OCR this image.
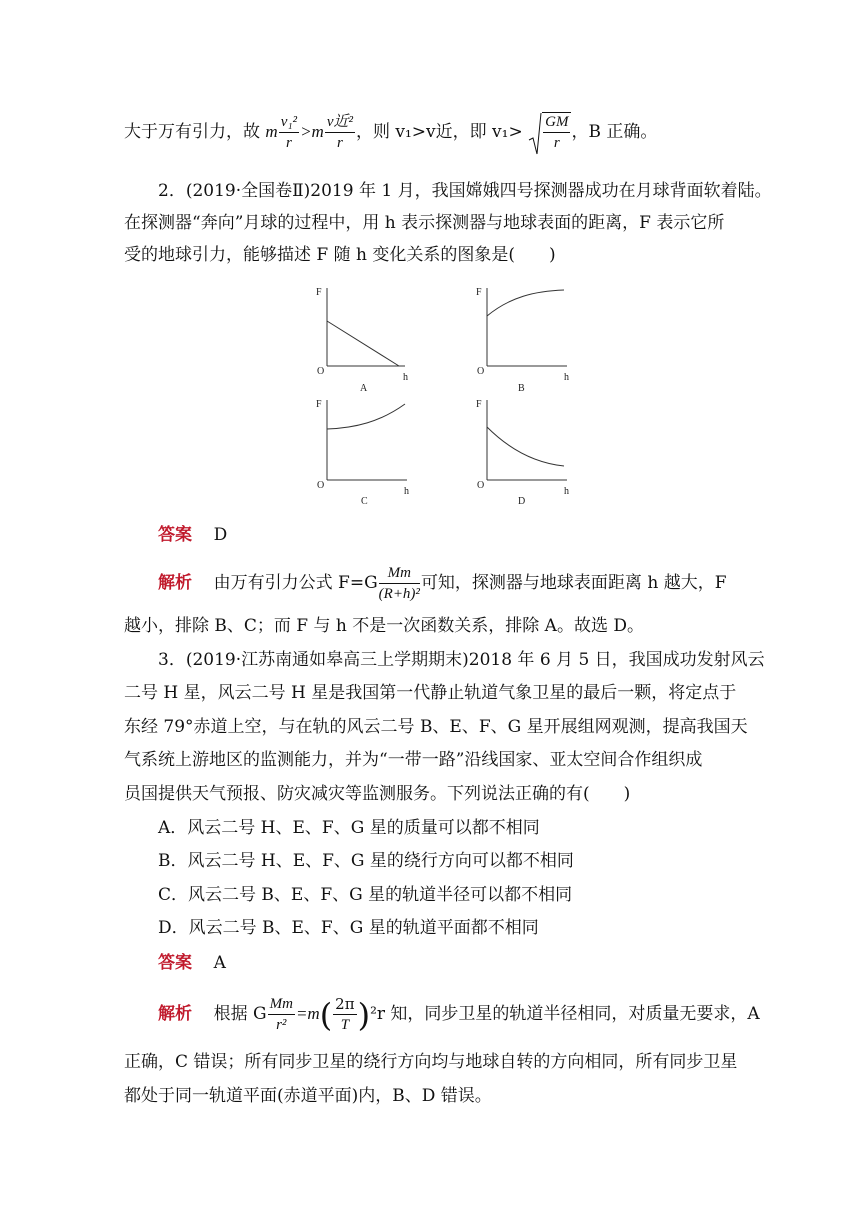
大于万有引力，故 m $\frac{\text{v₁²}}{r} >m \frac{\text{v近²}}{r}$ ，则 v₁>v近，即 $v_1> \frac{GM}{r}$ ，B 正确。
2．(2019·全国卷Ⅱ)2019 年 1 月，我国嫦娥四号探测器成功在月球背面软着陆。
在探测器“奔向”月球的过程中，用 h 表示探测器与地球表面的距离，F 表示它所
受的地球引力，能够描述 F 随 h 变化关系的图象是(　　)
F
O
h
A
F
O
h
B
F
O
h
C
F
O
h
D
答案 D
解析 由万有引力公式 $F=G \frac{Mm}{\text{(R+h)²}}$ 可知，探测器与地球表面距离 h 越大，F
越小，排除 B、C；而 F 与 h 不是一次函数关系，排除 A。故选 D。
3．(2019·江苏南通如皋高三上学期期末)2018 年 6 月 5 日，我国成功发射风云
二号 H 星，风云二号 H 星是我国第一代静止轨道气象卫星的最后一颗，将定点于
东经 79°赤道上空，与在轨的风云二号 B、E、F、G 星开展组网观测，提高我国天
气系统上游地区的监测能力，并为“一带一路”沿线国家、亚太空间合作组织成
员国提供天气预报、防灾减灾等监测服务。下列说法正确的有(　　)
A．风云二号 H、E、F、G 星的质量可以都不相同
B．风云二号 H、E、F、G 星的绕行方向可以都不相同
C．风云二号 B、E、F、G 星的轨道半径可以都不相同
D．风云二号 B、E、F、G 星的轨道平面都不相同
答案 A
解析 根据 G $\frac{Mm}{\text{r²}} =m( \frac{2\pi}{T} )^2r$ 知，同步卫星的轨道半径相同，对质量无要求，A
正确，C 错误；所有同步卫星的绕行方向均与地球自转的方向相同，所有同步卫星
都处于同一轨道平面(赤道平面)内，B、D 错误。
